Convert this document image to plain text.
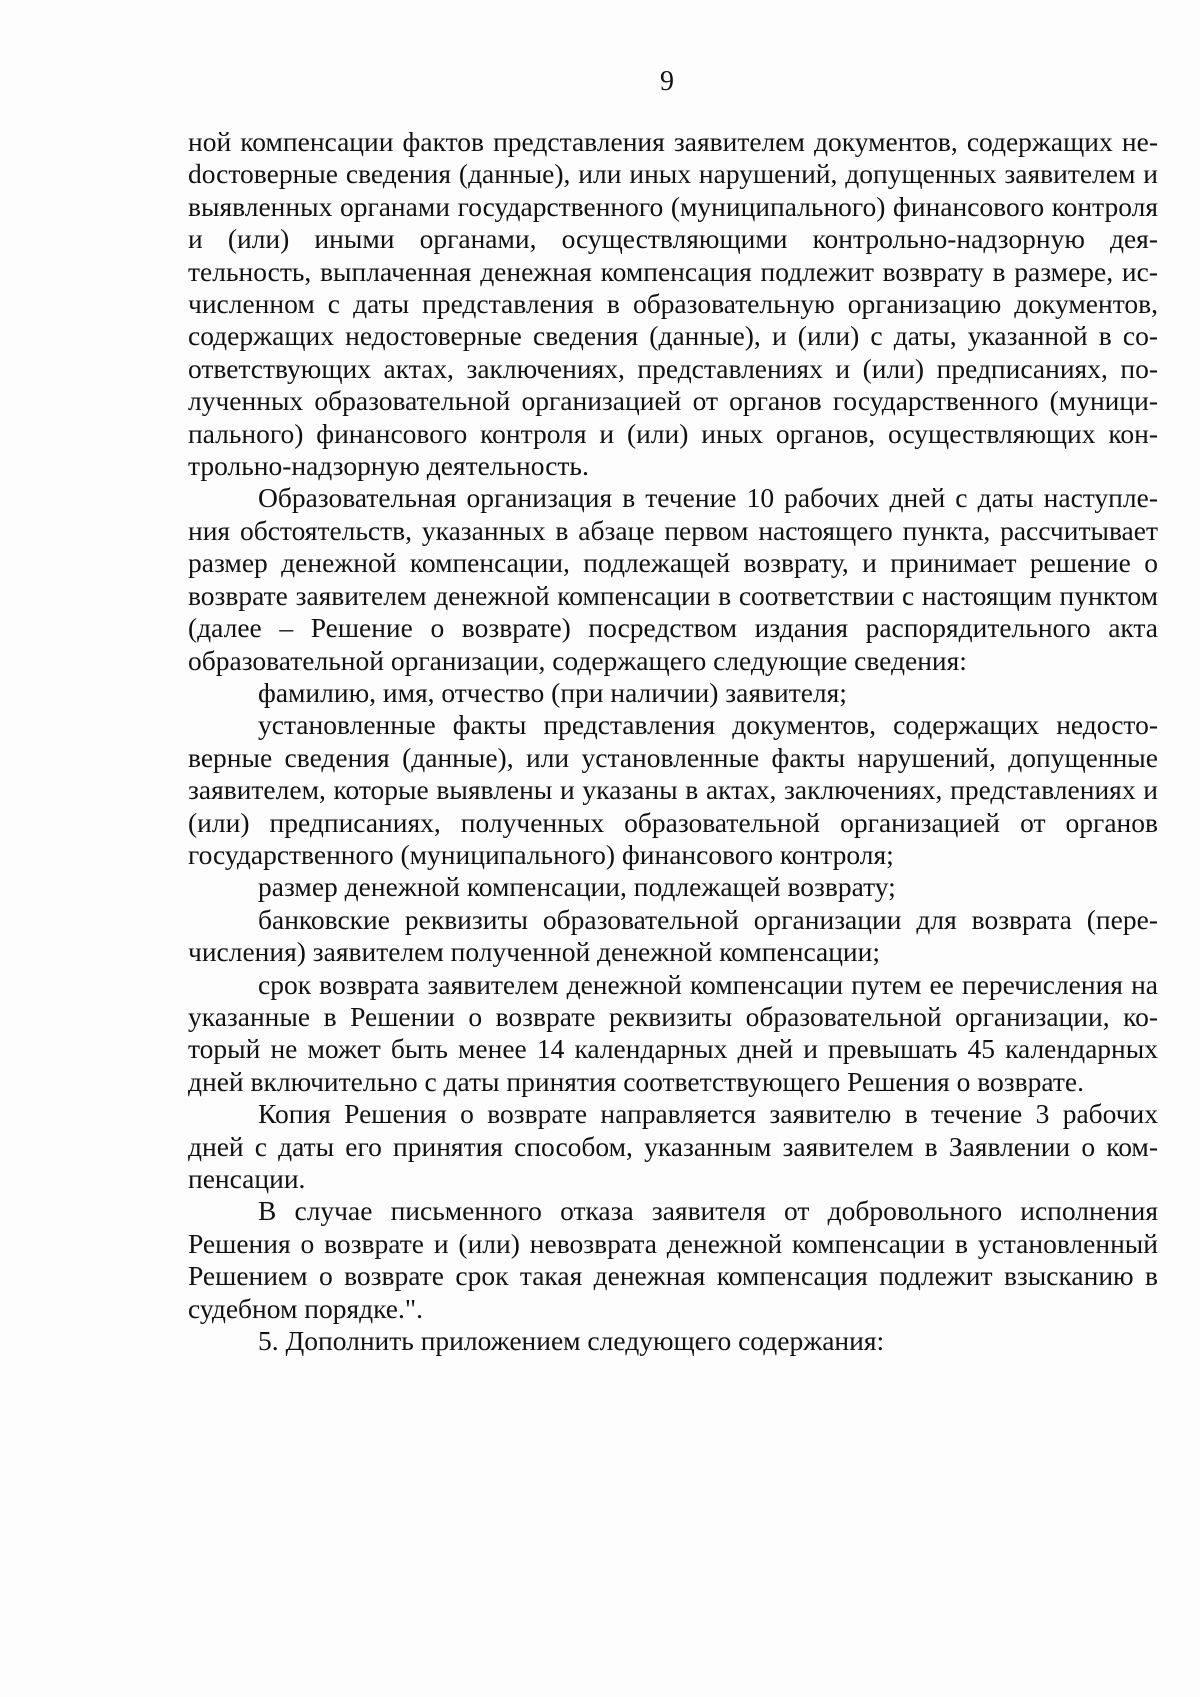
9

ной компенсации фактов представления заявителем документов, содержащих неdостоверные сведения (данные), или иных нарушений, допущенных заявителем и выявленных органами государственного (муниципального) финансового контроля и (или) иными органами, осуществляющими контрольно-надзорную деятельность, выплаченная денежная компенсация подлежит возврату в размере, исчисленном с даты представления в образовательную организацию документов, содержащих недостоверные сведения (данные), и (или) с даты, указанной в соответствующих актах, заключениях, представлениях и (или) предписаниях, полученных образовательной организацией от органов государственного (муниципального) финансового контроля и (или) иных органов, осуществляющих контрольно-надзорную деятельность.

Образовательная организация в течение 10 рабочих дней с даты наступления обстоятельств, указанных в абзаце первом настоящего пункта, рассчитывает размер денежной компенсации, подлежащей возврату, и принимает решение о возврате заявителем денежной компенсации в соответствии с настоящим пунктом (далее – Решение о возврате) посредством издания распорядительного акта образовательной организации, содержащего следующие сведения:

фамилию, имя, отчество (при наличии) заявителя;

установленные факты представления документов, содержащих недостоверные сведения (данные), или установленные факты нарушений, допущенные заявителем, которые выявлены и указаны в актах, заключениях, представлениях и (или) предписаниях, полученных образовательной организацией от органов государственного (муниципального) финансового контроля;

размер денежной компенсации, подлежащей возврату;

банковские реквизиты образовательной организации для возврата (перечисления) заявителем полученной денежной компенсации;

срок возврата заявителем денежной компенсации путем ее перечисления на указанные в Решении о возврате реквизиты образовательной организации, который не может быть менее 14 календарных дней и превышать 45 календарных дней включительно с даты принятия соответствующего Решения о возврате.

Копия Решения о возврате направляется заявителю в течение 3 рабочих дней с даты его принятия способом, указанным заявителем в Заявлении о компенсации.

В случае письменного отказа заявителя от добровольного исполнения Решения о возврате и (или) невозврата денежной компенсации в установленный Решением о возврате срок такая денежная компенсация подлежит взысканию в судебном порядке.".

5. Дополнить приложением следующего содержания:
